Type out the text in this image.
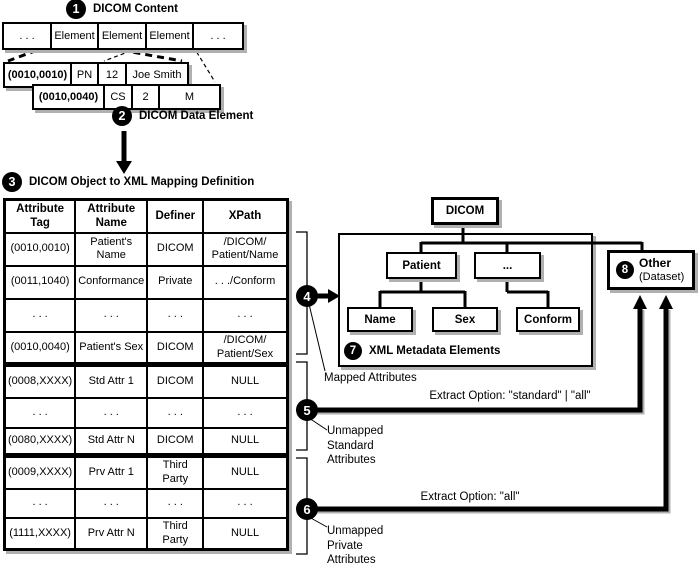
1	DICOM Content
. . .	Element Element Element	. . .
(0010,0010) PN	12	Joe Smith
(0010,0040)	CS	2	M
2	DICOM Data Element
3	DICOM Object to XML Mapping Definition
Attribute Tag	Attribute Name	Definer	XPath
(0010,0010)	Patient's Name	DICOM	/DICOM/ Patient/Name
(0011,1040)	Conformance	Private	. . ./Conform
. . .	. . .	. . .	. . .
(0010,0040)	Patient's Sex	DICOM	/DICOM/ Patient/Sex
(0008,XXXX)	Std Attr 1	DICOM	NULL
. . .	. . .	. . .	. . .
(0080,XXXX)	Std Attr N	DICOM	NULL
(0009,XXXX)	Prv Attr 1	Third Party	NULL
. . .	. . .	. . .	. . .
(1111,XXXX)	Prv Attr N	Third Party	NULL
DICOM
Patient	...
Name	Sex	Conform
7	XML Metadata Elements
8
Other
(Dataset)
4
5
6
Mapped Attributes
Extract Option: "standard" | "all"
Unmapped Standard Attributes
Extract Option: "all"
Unmapped Private Attributes
